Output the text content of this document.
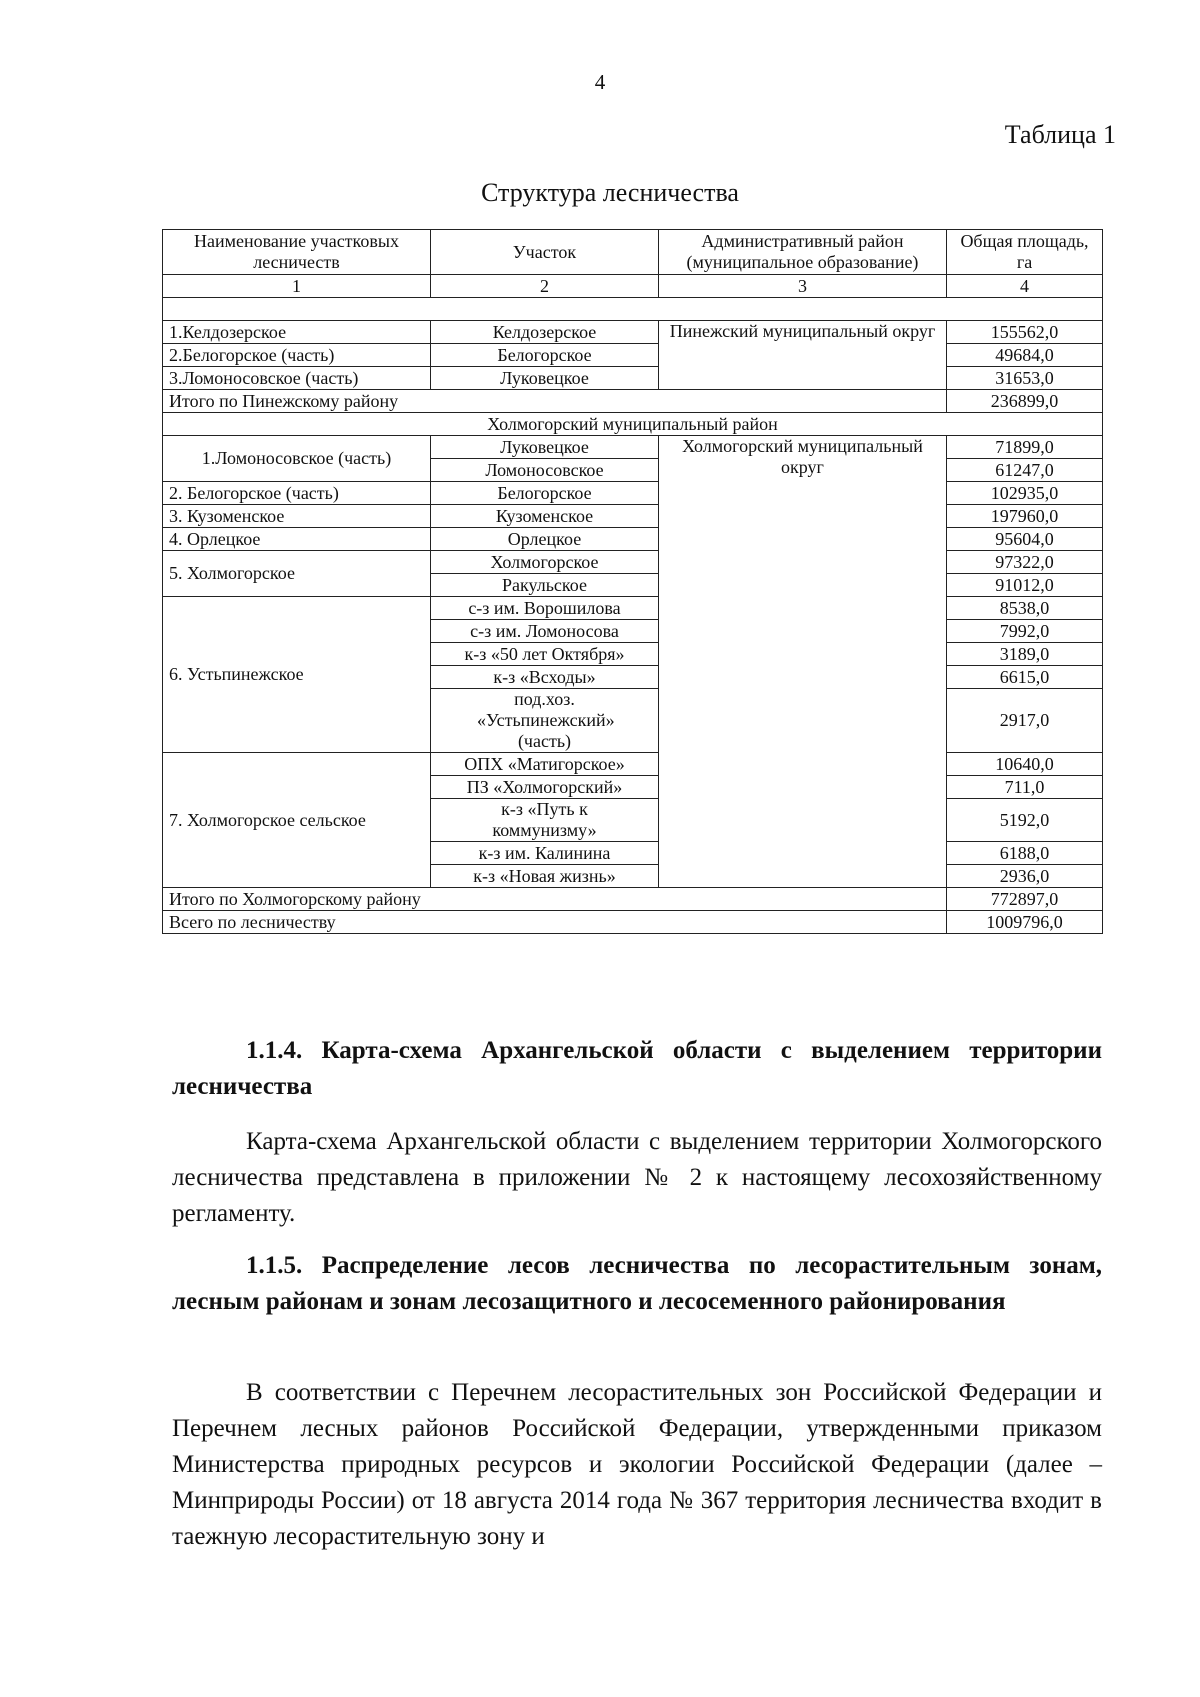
4
Таблица 1
Структура лесничества
Наименование участковых лесничеств	Участок	Административный район (муниципальное образование)	Общая площадь, га
1	2	3	4

1.Келдозерское	Келдозерское	Пинежский муниципальный округ	155562,0
2.Белогорское (часть)	Белогорское		49684,0
3.Ломоносовское (часть)	Луковецкое		31653,0
Итого по Пинежскому району			236899,0
Холмогорский муниципальный район			
1.Ломоносовское (часть)	Луковецкое	Холмогорский муниципальный округ	71899,0
	Ломоносовское		61247,0
2. Белогорское (часть)	Белогорское		102935,0
3. Кузоменское	Кузоменское		197960,0
4. Орлецкое	Орлецкое		95604,0
5. Холмогорское	Холмогорское		97322,0
	Ракульское		91012,0
6. Устьпинежское	с-з им. Ворошилова		8538,0
	с-з им. Ломоносова		7992,0
	к-з «50 лет Октября»		3189,0
	к-з «Всходы»		6615,0
	под.хоз. «Устьпинежский» (часть)		2917,0
7. Холмогорское сельское	ОПХ «Матигорское»		10640,0
	ПЗ «Холмогорский»		711,0
	к-з «Путь к коммунизму»		5192,0
	к-з им. Калинина		6188,0
	к-з «Новая жизнь»		2936,0
Итого по Холмогорскому району			772897,0
Всего по лесничеству			1009796,0
1.1.4. Карта-схема Архангельской области с выделением территории лесничества
Карта-схема Архангельской области с выделением территории Холмогорского лесничества представлена в приложении № 2 к настоящему лесохозяйственному регламенту.
1.1.5. Распределение лесов лесничества по лесорастительным зонам, лесным районам и зонам лесозащитного и лесосеменного районирования
В соответствии с Перечнем лесорастительных зон Российской Федерации и Перечнем лесных районов Российской Федерации, утвержденными приказом Министерства природных ресурсов и экологии Российской Федерации (далее – Минприроды России) от 18 августа 2014 года № 367 территория лесничества входит в таежную лесорастительную зону и
